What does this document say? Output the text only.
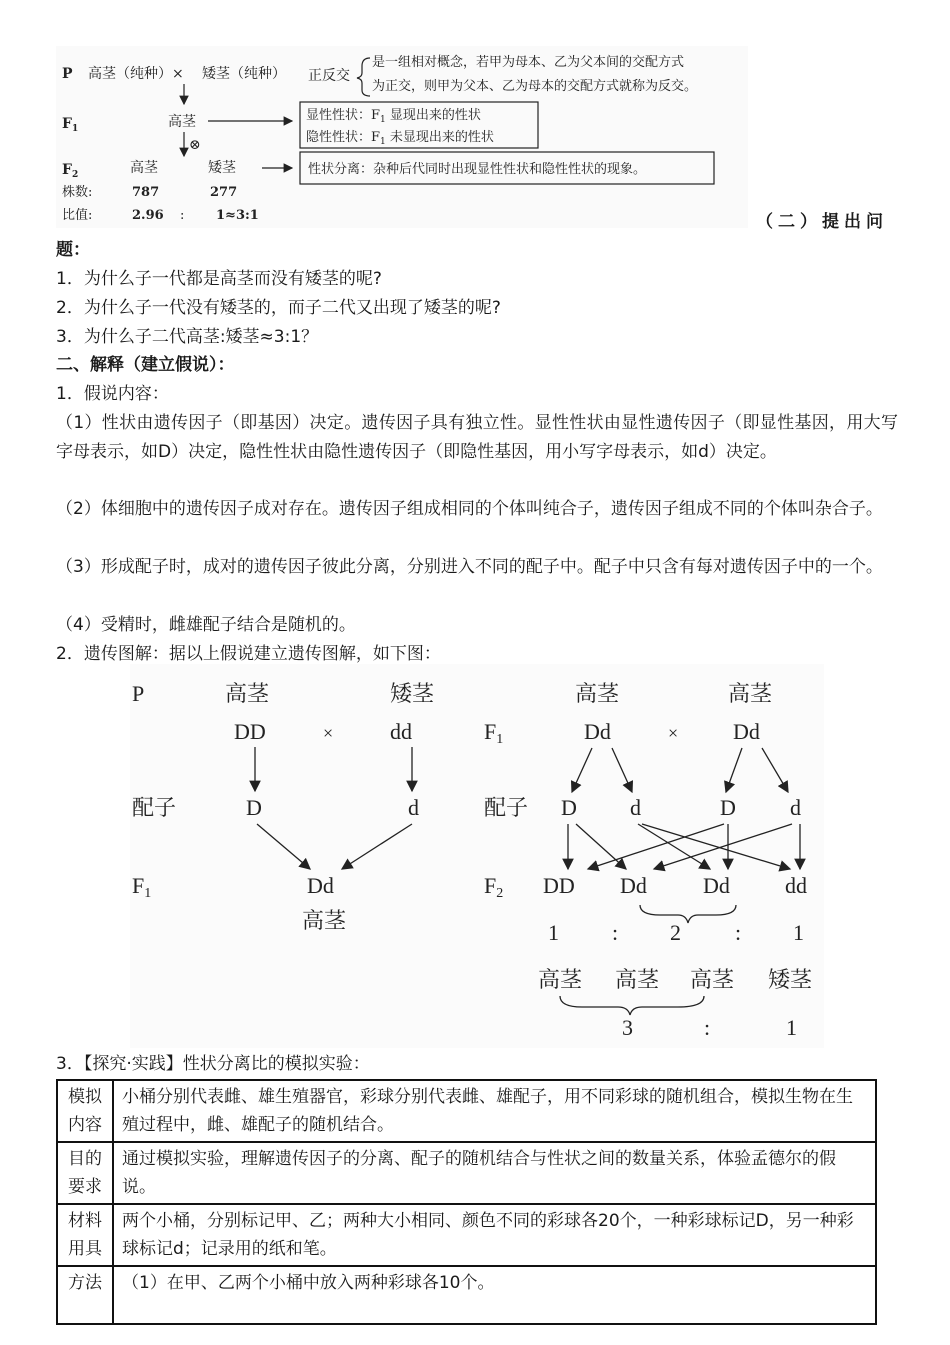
P 高茎（纯种）× 矮茎（纯种） 正反交
是一组相对概念，若甲为母本、乙为父本间的交配方式
为正交，则甲为父本、乙为母本的交配方式就称为反交。
$F_1$	高茎	显性性状：$F_1$ 显现出来的性状
隐性性状：$F_1$ 未显现出来的性状
⊗
$F_2$	高茎	矮茎	性状分离：杂种后代同时出现显性性状和隐性性状的现象。
株数:	787	277
比值:	2.96 : 1≈3:1	（二）提出问
题：
1．为什么子一代都是高茎而没有矮茎的呢?
2．为什么子一代没有矮茎的，而子二代又出现了矮茎的呢?
3．为什么子二代高茎:矮茎≈3:1？
二、解释（建立假说）：
1．假说内容：
（1）性状由遗传因子（即基因）决定。遗传因子具有独立性。显性性状由显性遗传因子（即显性基因，用大写字母表示，如D）决定，隐性性状由隐性遗传因子（即隐性基因，用小写字母表示，如d）决定。
（2）体细胞中的遗传因子成对存在。遗传因子组成相同的个体叫纯合子，遗传因子组成不同的个体叫杂合子。
（3）形成配子时，成对的遗传因子彼此分离，分别进入不同的配子中。配子中只含有每对遗传因子中的一个。
（4）受精时，雌雄配子结合是随机的。
2．遗传图解：据以上假说建立遗传图解，如下图：
P	高茎	矮茎
DD	×	dd
配子	D	d
F1	Dd
高茎
高茎	高茎
F1	Dd	× Dd
配子 D d	D d
F2 DD Dd	Dd	dd
1 : 2 : 1
高茎 高茎 高茎 矮茎
3	:	1
3．【探究·实践】性状分离比的模拟实验：
模拟
内容	小桶分别代表雌、雄生殖器官，彩球分别代表雌、雄配子，用不同彩球的随机组合，模拟生物在生殖过程中，雌、雄配子的随机结合。
目的
要求	通过模拟实验，理解遗传因子的分离、配子的随机结合与性状之间的数量关系，体验孟德尔的假说。
材料
用具	两个小桶，分别标记甲、乙；两种大小相同、颜色不同的彩球各20个，一种彩球标记D，另一种彩球标记d；记录用的纸和笔。
方法	（1）在甲、乙两个小桶中放入两种彩球各10个。
